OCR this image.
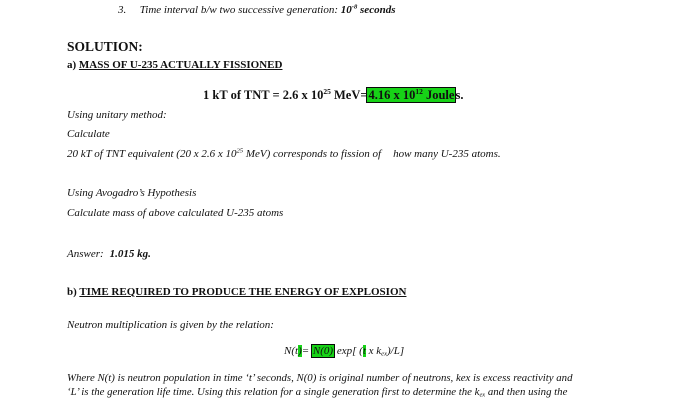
3. Time interval b/w two successive generation: $10^{-8}$ seconds
SOLUTION:
a) MASS OF U-235 ACTUALLY FISSIONED
1 kT of TNT = 2.6 x $10^{25}$ MeV=4.16 x $10^{12}$ Joules.
Using unitary method:
Calculate
20 kT of TNT equivalent (20 x 2.6 x $10^{25}$ MeV) corresponds to fission of how many U-235 atoms.
Using Avogadro’s Hypothesis
Calculate mass of above calculated U-235 atoms
Answer: 1.015 kg.
b) TIME REQUIRED TO PRODUCE THE ENERGY OF EXPLOSION
Neutron multiplication is given by the relation:
N(t)= N(0) exp[ (t x $k_{ex})/L$]
Where N(t) is neutron population in time ‘t’ seconds, N(0) is original number of neutrons, kex is excess reactivity and
‘L’ is the generation life time. Using this relation for a single generation first to determine the $k_{ex}$ and then using the
